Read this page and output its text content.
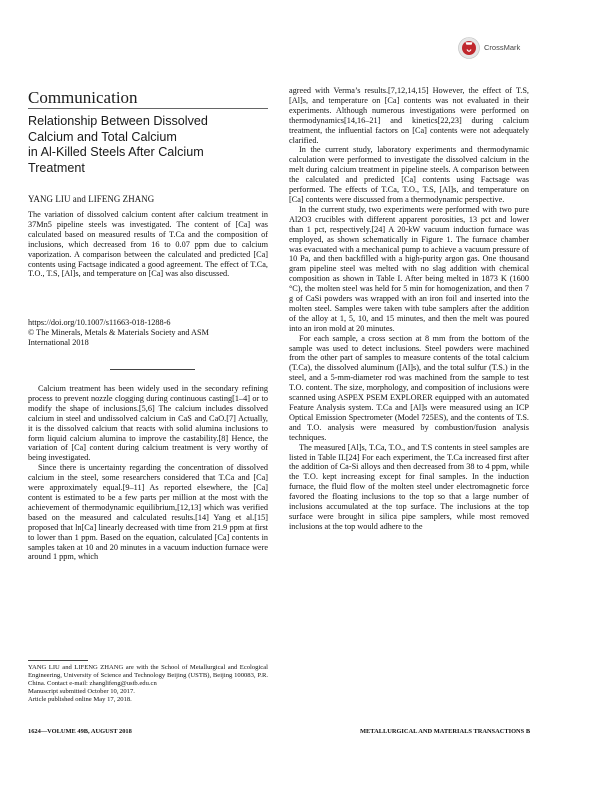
CrossMark
Communication
Relationship Between Dissolved
Calcium and Total Calcium
in Al-Killed Steels After Calcium
Treatment
YANG LIU and LIFENG ZHANG
The variation of dissolved calcium content after calcium treatment in 37Mn5 pipeline steels was investigated. The content of [Ca] was calculated based on measured results of T.Ca and the composition of inclusions, which decreased from 16 to 0.07 ppm due to calcium vaporization. A comparison between the calculated and predicted [Ca] contents using Factsage indicated a good agreement. The effect of T.Ca, T.O., T.S, [Al]s, and temperature on [Ca] was also discussed.
https://doi.org/10.1007/s11663-018-1288-6
© The Minerals, Metals & Materials Society and ASM
International 2018

Calcium treatment has been widely used in the secondary refining process to prevent nozzle clogging during continuous casting[1–4] or to modify the shape of inclusions.[5,6] The calcium includes dissolved calcium in steel and undissolved calcium in CaS and CaO.[7] Actually, it is the dissolved calcium that reacts with solid alumina inclusions to form liquid calcium alumina to improve the castability.[8] Hence, the variation of [Ca] content during calcium treatment is very worthy of being investigated.

Since there is uncertainty regarding the concentration of dissolved calcium in the steel, some researchers considered that T.Ca and [Ca] were approximately equal.[9–11] As reported elsewhere, the [Ca] content is estimated to be a few parts per million at the most with the achievement of thermodynamic equilibrium,[12,13] which was verified based on the measured and calculated results.[14] Yang et al.[15] proposed that ln[Ca] linearly decreased with time from 21.9 ppm at first to lower than 1 ppm. Based on the equation, calculated [Ca] contents in samples taken at 10 and 20 minutes in a vacuum induction furnace were around 1 ppm, which

YANG LIU and LIFENG ZHANG are with the School of Metallurgical and Ecological Engineering, University of Science and Technology Beijing (USTB), Beijing 100083, P.R. China. Contact e-mail: zhanglifeng@ustb.edu.cn
Manuscript submitted October 10, 2017.
Article published online May 17, 2018.

agreed with Verma’s results.[7,12,14,15] However, the effect of T.S, [Al]s, and temperature on [Ca] contents was not evaluated in their experiments. Although numerous investigations were performed on thermodynamics[14,16–21] and kinetics[22,23] during calcium treatment, the influential factors on [Ca] contents were not adequately clarified.

In the current study, laboratory experiments and thermodynamic calculation were performed to investigate the dissolved calcium in the melt during calcium treatment in pipeline steels. A comparison between the calculated and predicted [Ca] contents using Factsage was performed. The effects of T.Ca, T.O., T.S, [Al]s, and temperature on [Ca] contents were discussed from a thermodynamic perspective.

In the current study, two experiments were performed with two pure Al2O3 crucibles with different apparent porosities, 13 pct and lower than 1 pct, respectively.[24] A 20-kW vacuum induction furnace was employed, as shown schematically in Figure 1. The furnace chamber was evacuated with a mechanical pump to achieve a vacuum pressure of 10 Pa, and then backfilled with a high-purity argon gas. One thousand gram pipeline steel was melted with no slag addition with chemical composition as shown in Table I. After being melted in 1873 K (1600 °C), the molten steel was held for 5 min for homogenization, and then 7 g of CaSi powders was wrapped with an iron foil and inserted into the molten steel. Samples were taken with tube samplers after the addition of the alloy at 1, 5, 10, and 15 minutes, and then the melt was poured into an iron mold at 20 minutes.

For each sample, a cross section at 8 mm from the bottom of the sample was used to detect inclusions. Steel powders were machined from the other part of samples to measure contents of the total calcium (T.Ca), the dissolved aluminum ([Al]s), and the total sulfur (T.S.) in the steel, and a 5-mm-diameter rod was machined from the sample to test T.O. content. The size, morphology, and composition of inclusions were scanned using ASPEX PSEM EXPLORER equipped with an automated Feature Analysis system. T.Ca and [Al]s were measured using an ICP Optical Emission Spectrometer (Model 725ES), and the contents of T.S. and T.O. analysis were measured by combustion/fusion analysis techniques.

The measured [Al]s, T.Ca, T.O., and T.S contents in steel samples are listed in Table II.[24] For each experiment, the T.Ca increased first after the addition of Ca-Si alloys and then decreased from 38 to 4 ppm, while the T.O. kept increasing except for final samples. In the induction furnace, the fluid flow of the molten steel under electromagnetic force favored the floating inclusions to the top so that a large number of inclusions accumulated at the top surface. The inclusions at the top surface were brought in silica pipe samplers, while most removed inclusions at the top would adhere to the

1624—VOLUME 49B, AUGUST 2018	METALLURGICAL AND MATERIALS TRANSACTIONS B
